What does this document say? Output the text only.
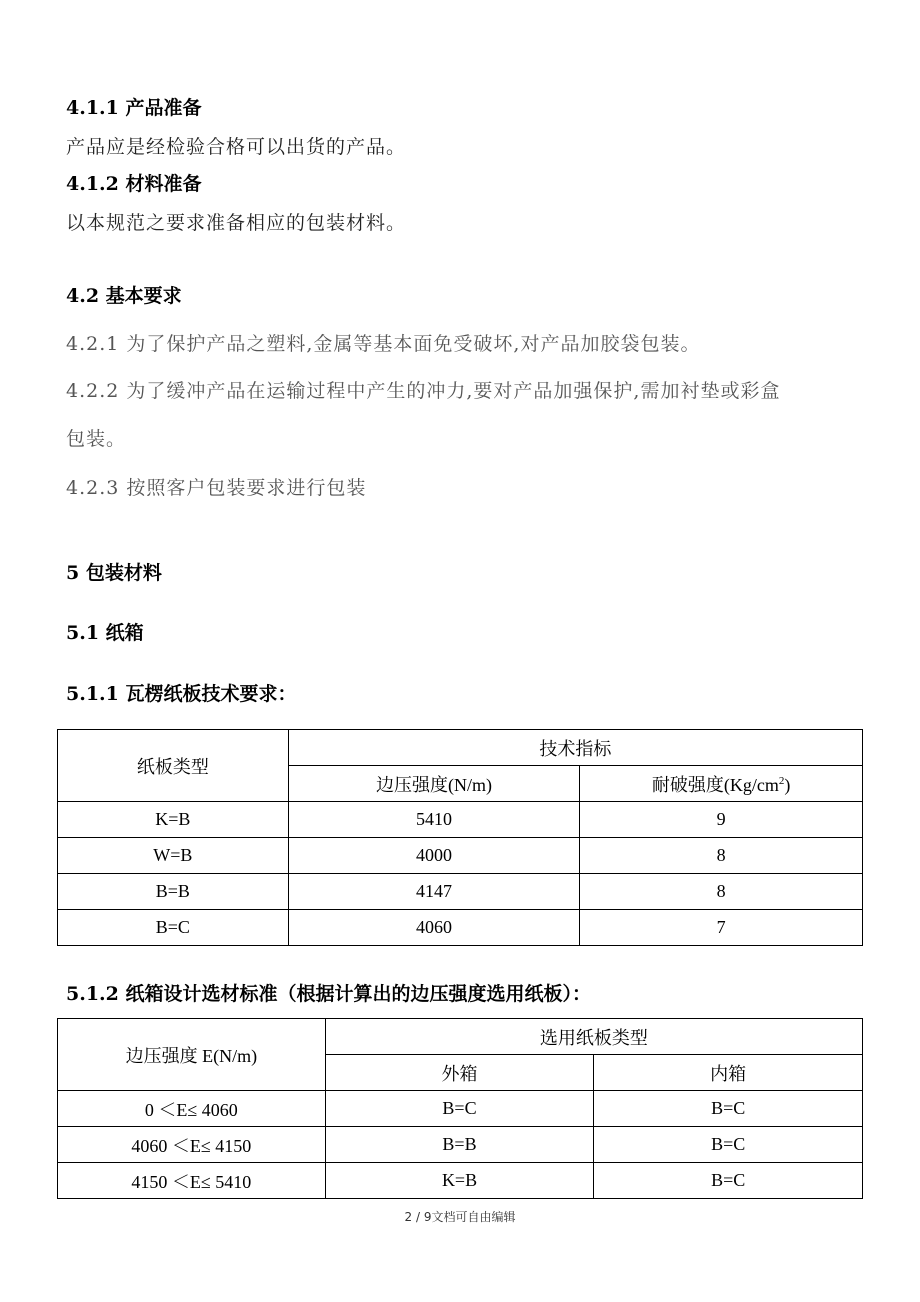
4.1.1 产品准备
产品应是经检验合格可以出货的产品。
4.1.2 材料准备
以本规范之要求准备相应的包装材料。
4.2 基本要求
4.2.1 为了保护产品之塑料,金属等基本面免受破坏,对产品加胶袋包装。
4.2.2 为了缓冲产品在运输过程中产生的冲力,要对产品加强保护,需加衬垫或彩盒
包装。
4.2.3 按照客户包装要求进行包装
5 包装材料
5.1 纸箱
5.1.1 瓦楞纸板技术要求：
纸板类型	技术指标	
	边压强度(N/m)	耐破强度$(Kg/cm^2)$
K=B	5410	9
W=B	4000	8
B=B	4147	8
B=C	4060	7
5.1.2 纸箱设计选材标准（根据计算出的边压强度选用纸板）：
边压强度 E(N/m)	选用纸板类型	
	外箱	内箱
0 ＜E≤ 4060	B=C	B=C
4060 ＜E≤ 4150	B=B	B=C
4150 ＜E≤ 5410	K=B	B=C
2 / 9文档可自由编辑
